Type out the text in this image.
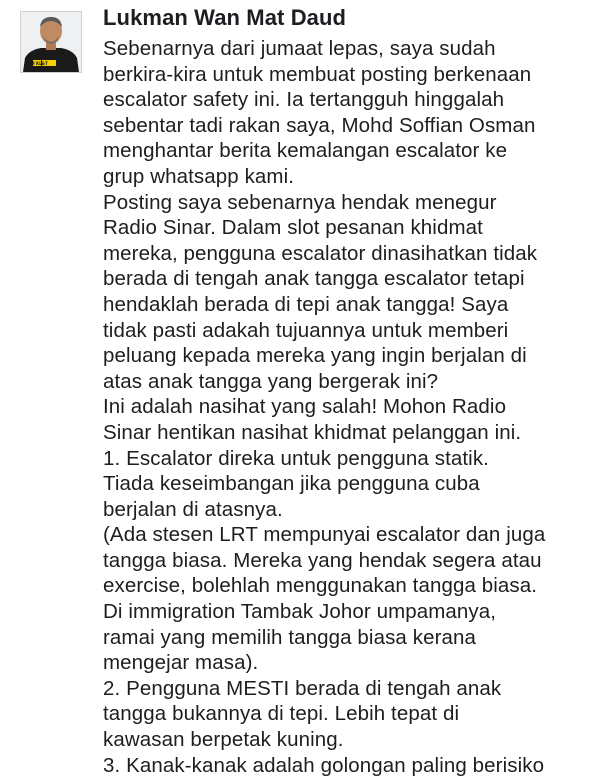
IAM KL&T
Lukman Wan Mat Daud
Sebenarnya dari jumaat lepas, saya sudah
berkira-kira untuk membuat posting berkenaan
escalator safety ini. Ia tertangguh hinggalah
sebentar tadi rakan saya, Mohd Soffian Osman
menghantar berita kemalangan escalator ke
grup whatsapp kami.
Posting saya sebenarnya hendak menegur
Radio Sinar. Dalam slot pesanan khidmat
mereka, pengguna escalator dinasihatkan tidak
berada di tengah anak tangga escalator tetapi
hendaklah berada di tepi anak tangga! Saya
tidak pasti adakah tujuannya untuk memberi
peluang kepada mereka yang ingin berjalan di
atas anak tangga yang bergerak ini?
Ini adalah nasihat yang salah! Mohon Radio
Sinar hentikan nasihat khidmat pelanggan ini.
1. Escalator direka untuk pengguna statik.
Tiada keseimbangan jika pengguna cuba
berjalan di atasnya.
(Ada stesen LRT mempunyai escalator dan juga
tangga biasa. Mereka yang hendak segera atau
exercise, bolehlah menggunakan tangga biasa.
Di immigration Tambak Johor umpamanya,
ramai yang memilih tangga biasa kerana
mengejar masa).
2. Pengguna MESTI berada di tengah anak
tangga bukannya di tepi. Lebih tepat di
kawasan berpetak kuning.
3. Kanak-kanak adalah golongan paling berisiko
